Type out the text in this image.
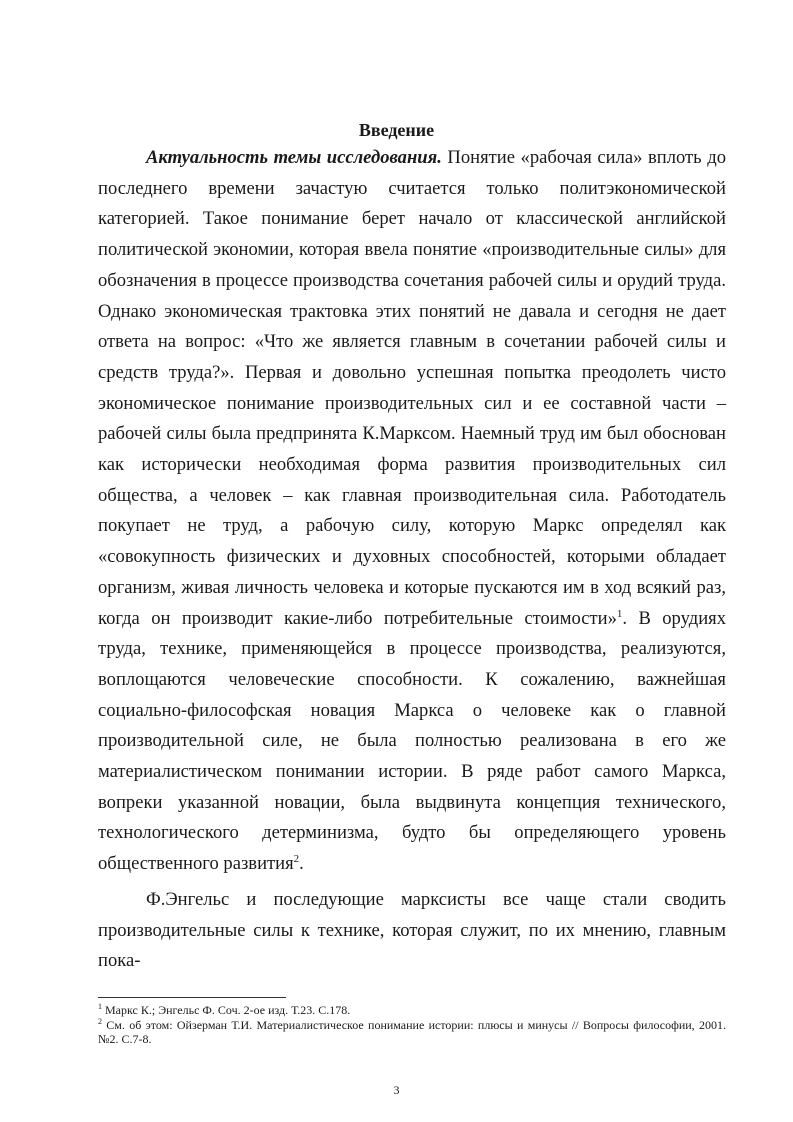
Введение

Актуальность темы исследования. Понятие «рабочая сила» вплоть до последнего времени зачастую считается только политэкономической категорией. Такое понимание берет начало от классической английской политической экономии, которая ввела понятие «производительные силы» для обозначения в процессе производства сочетания рабочей силы и орудий труда. Однако экономическая трактовка этих понятий не давала и сегодня не дает ответа на вопрос: «Что же является главным в сочетании рабочей силы и средств труда?». Первая и довольно успешная попытка преодолеть чисто экономическое понимание производительных сил и ее составной части – рабочей силы была предпринята К.Марксом. Наемный труд им был обоснован как исторически необходимая форма развития производительных сил общества, а человек – как главная производительная сила. Работодатель покупает не труд, а рабочую силу, которую Маркс определял как «совокупность физических и духовных способностей, которыми обладает организм, живая личность человека и которые пускаются им в ход всякий раз, когда он производит какие-либо потребительные стоимости»$^1$. В орудиях труда, технике, применяющейся в процессе производства, реализуются, воплощаются человеческие способности. К сожалению, важнейшая социально-философская новация Маркса о человеке как о главной производительной силе, не была полностью реализована в его же материалистическом понимании истории. В ряде работ самого Маркса, вопреки указанной новации, была выдвинута концепция технического, технологического детерминизма, будто бы определяющего уровень общественного развития$^2$.

Ф.Энгельс и последующие марксисты все чаще стали сводить производительные силы к технике, которая служит, по их мнению, главным пока-

$^1$ Маркс К.; Энгельс Ф. Соч. 2-ое изд. Т.23. С.178.

$^2$ См. об этом: Ойзерман Т.И. Материалистическое понимание истории: плюсы и минусы // Вопросы философии, 2001. №2. С.7-8.

3
